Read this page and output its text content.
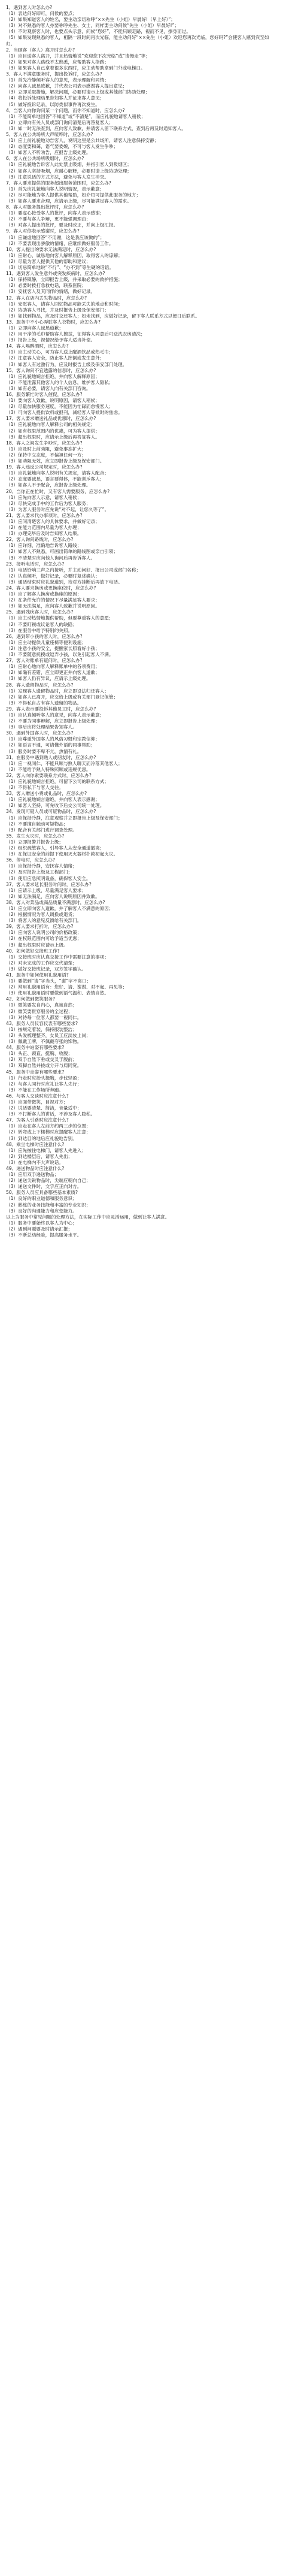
1、遇到客人时怎么办?

（1）表达问好即可，问候的要点；

（2）如果知道客人的姓名，要主动亲切称呼“××先生（小姐）早晨好!（早上好）”；

（3）对不熟悉的客人亦要称呼先生、女士，同样要主动问候“先生（小姐）早晨好!”；

（4）不时观察客人时，也要点头示意，问候“您好”，不能只顾走路，视而不见，擦身而过。

（5）如果发现熟悉的客人，相隔一段时间再次光临，能主动问好“××先生（小姐）欢迎您再次光临，您好吗?”会使客人感到宾至如归。

2、当顾客（客人）离开时怎么办?

（1）应目送客人离开，并且热情地说“欢迎您下次光临”或“请慢走”等；

（2）如果对客人路线不太熟悉，应帮助客人指路；

（3）如果客人自己拿着很多东西时，应主动帮助拿到门外或电梯口。

3、客人不满意服务时，提出投诉时，应怎么办?

（1）首先冷静倾听客人的意见，表示理解和同情；

（2）向客人诚恳致歉，并代表公司表示感谢客人提出意见；

（3）立即采取措施，解决问题，必要时请示上级或其他部门协助处理；

（4）将投诉处理结果告知客人并征求客人意见；

（5）做好投诉记录，以防类似事件再次发生。

4、当客人向你询问某一个问题，而你不知道时，应怎么办?

（1）不能简单地回答“不知道”或“不清楚”，而应礼貌地请客人稍候；

（2）立即向有关人员或部门询问清楚后再答复客人；

（3）如一时无法查到，应向客人致歉，并请客人留下联系方式，查到后再及时通知客人。

5、客人在公共场所大声喧哗时，应怎么办?

（1）应上前礼貌地劝告客人，说明这里是公共场所，请客人注意保持安静；

（2）态度要和蔼，语气要委婉，不可与客人发生争吵；

（3）如客人不听劝告，应报告上级处理。

6、客人在公共场所吸烟时，应怎么办?

（1）应礼貌地告诉客人此处禁止吸烟，并指引客人到吸烟区；

（2）如客人坚持吸烟，应耐心解释，必要时请上级协助处理；

（3）注意说话的方式方法，避免与客人发生冲突。

7、客人要求提供的服务超出服务范围时，应怎么办?

（1）首先应礼貌地向客人说明情况，表示歉意；

（2）尽可能地为客人提供其他帮助，如介绍可提供此服务的地方；

（3）如客人要求合理，应请示上级，尽可能满足客人的需求。

8、客人对服务提出批评时，应怎么办?

（1）要虚心接受客人的批评，向客人表示感谢；

（2）不要与客人争辩，更不能强调理由；

（3）对客人提出的批评，要及时改正，并向上级汇报。

9、客人对你表示感谢时，应怎么办?

（1）应谦虚地回答“不用谢，这是我应该做的”；

（2）不要表现出骄傲的情绪，应继续做好服务工作。

10、客人提出的要求无法满足时，应怎么办?

（1）应耐心、诚恳地向客人解释原因，取得客人的谅解；

（2）尽量为客人提供其他的帮助和建议；

（3）切忌简单地说“不行”、“办不到”等生硬的话语。

11、遇到客人发生意外或突发疾病时，应怎么办?

（1）保持镇静，立即报告上级，并采取必要的救护措施；

（2）必要时拨打急救电话，联系医院；

（3）安抚客人及其同伴的情绪，做好记录。

12、客人在店内丢失物品时，应怎么办?

（1）安慰客人，请客人回忆物品可能丢失的地点和时间；

（2）协助客人寻找，并及时报告上级及保安部门；

（3）如找到物品，应及时交还客人；如未找到，应做好记录，留下客人联系方式以便日后联系。

13、服务中不小心弄脏客人衣物时，应怎么办?

（1）立即向客人诚恳道歉；

（2）用干净的毛巾帮助客人擦拭，征得客人同意后可送洗衣房清洗；

（3）报告上级，视情况给予客人适当补偿。

14、客人喝醉酒时，应怎么办?

（1）应主动关心，可为客人送上醒酒饮品或热毛巾；

（2）注意客人安全，防止客人摔倒或发生意外；

（3）如客人有过激行为，应及时报告上级及保安部门处理。

15、客人询问不宜透露的信息时，应怎么办?

（1）应礼貌地婉言拒绝，并向客人解释原因；

（2）不能泄露其他客人的个人信息，维护客人隐私；

（3）如有必要，请客人向有关部门咨询。

16、服务繁忙时客人催促，应怎么办?

（1）要向客人致歉，说明原因，请客人稍候；

（2）尽量加快服务速度，不能因为忙碌而怠慢客人；

（3）可向客人提供饮料或报刊，减轻客人等候时的焦虑。

17、客人要求赠送礼品或优惠时，应怎么办?

（1）应礼貌地向客人解释公司的相关规定；

（2）如有权限范围内的优惠，可为客人提供；

（3）超出权限时，应请示上级后再答复客人。

18、客人之间发生争吵时，应怎么办?

（1）应及时上前劝阻，避免事态扩大；

（2）保持中立态度，不偏袒任何一方；

（3）如劝阻无效，应立即报告上级及保安部门。

19、客人违反公司规定时，应怎么办?

（1）应礼貌地向客人说明有关规定，请客人配合；

（2）态度要诚恳，语言要得体，不能训斥客人；

（3）如客人不予配合，应报告上级处理。

20、当你正在忙时，又有客人需要服务，应怎么办?

（1）应先向客人示意，请客人稍候；

（2）尽快完成手中的工作后为客人服务；

（3）为客人服务时应先说“对不起，让您久等了”。

21、客人要求代办事项时，应怎么办?

（1）应问清楚客人的具体要求，并做好记录；

（2）在能力范围内尽量为客人办理；

（3）办理完毕后及时告知客人结果。

22、客人询问路线时，应怎么办?

（1）应详细、准确地告诉客人路线；

（2）如客人不熟悉，可画出简单的路线图或亲自引领；

（3）不清楚时应向他人询问后再告诉客人。

23、接听电话时，应怎么办?

（1）电话铃响三声之内接听，并主动问好、报出公司或部门名称；

（2）认真倾听，做好记录，必要时复述确认；

（3）通话结束时应礼貌道别，待对方挂断后再放下电话。

24、客人要求换房或更换座位时，应怎么办?

（1）应了解客人换房或换座的原因；

（2）在条件允许的情况下尽量满足客人要求；

（3）如无法满足，应向客人致歉并说明原因。

25、遇到残疾客人时，应怎么办?

（1）应主动热情地提供帮助，但要尊重客人的意愿；

（2）不要盯视或议论客人的缺陷；

（3）在服务中给予特别的关照。

26、遇到带小孩的客人时，应怎么办?

（1）应主动提供儿童座椅等便利设施；

（2）注意小孩的安全，提醒家长照看好小孩；

（3）不要随意抚摸或逗弄小孩，以免引起客人不满。

27、客人对账单有疑问时，应怎么办?

（1）应耐心地向客人解释账单中的各项费用；

（2）如确有差错，应立即更正并向客人道歉；

（3）如客人仍有异议，应请示上级处理。

28、客人遗留物品时，应怎么办?

（1）发现客人遗留物品时，应立即设法归还客人；

（2）如客人已离开，应交给上级或有关部门登记保管；

（3）不得私自占有客人遗留的物品。

29、客人表示要投诉其他员工时，应怎么办?

（1）应认真倾听客人的意见，向客人表示歉意；

（2）不要为同事辩解，应立即报告上级处理；

（3）事后应将处理结果告知客人。

30、遇到外国客人时，应怎么办?

（1）应尊重外国客人的风俗习惯和宗教信仰；

（2）如语言不通，可请懂外语的同事帮助；

（3）服务时要不卑不亢，热情有礼。

31、在服务中遇到熟人或朋友时，应怎么办?

（1）应一视同仁，不能只顾与熟人聊天而冷落其他客人；

（2）不能给予熟人特殊照顾或违规优惠。

32、客人向你索要联系方式时，应怎么办?

（1）应礼貌地婉言拒绝，可留下公司的联系方式；

（2）不得私下与客人交往。

33、客人赠送小费或礼品时，应怎么办?

（1）应礼貌地婉言谢绝，并向客人表示感谢；

（2）如客人坚持，可先收下后交公司统一处理。

34、发现可疑人员或可疑物品时，应怎么办?

（1）应保持冷静，注意观察并立即报告上级及保安部门；

（2）不要擅自触动可疑物品；

（3）配合有关部门进行调查处理。

35、发生火灾时，应怎么办?

（1）立即报警并报告上级；

（2）组织疏散客人，引导客人从安全通道撤离；

（3）在保证安全的前提下使用灭火器材扑救初起火灾。

36、停电时，应怎么办?

（1）应保持冷静，安抚客人情绪；

（2）及时报告上级及工程部门；

（3）使用应急照明设备，确保客人安全。

37、客人要求延长服务时间时，应怎么办?

（1）应请示上级，尽量满足客人要求；

（2）如无法满足，应向客人说明原因并致歉。

38、客人对菜品或商品质量不满意时，应怎么办?

（1）应立即向客人道歉，并了解客人不满意的原因；

（2）根据情况为客人调换或退货；

（3）将客人的意见反馈给有关部门。

39、客人要求打折时，应怎么办?

（1）应向客人说明公司的价格政策；

（2）在权限范围内可给予适当优惠；

（3）超出权限时应请示上级。

40、如何做好交接班工作?

（1）交接班时应认真交接工作中需要注意的事项；

（2）对未完成的工作应交代清楚；

（3）做好交接班记录，双方签字确认。

41、服务中如何使用礼貌用语?

（1）要做到“请”字当头，“谢”字不离口；

（2）常用礼貌用语有：您好、请、谢谢、对不起、再见等；

（3）使用礼貌用语时要做到语气温和、表情自然。

42、如何做到微笑服务?

（1）微笑要发自内心，真诚自然；

（2）微笑要贯穿服务的全过程；

（3）对待每一位客人都要一视同仁。

43、服务人员仪容仪表有哪些要求?

（1）按规定着装，保持服装整洁；

（2）头发梳理整齐，女员工应淡妆上岗；

（3）佩戴工牌，不佩戴夸张的饰物。

44、服务中站姿有哪些要求?

（1）头正、颈直、挺胸、收腹；

（2）双手自然下垂或交叉于腹前；

（3）双脚自然并拢或分开与肩同宽。

45、服务中走姿有哪些要求?

（1）行走时应抬头挺胸，步伐轻盈；

（2）与客人同行时应礼让客人先行；

（3）不能在工作场所奔跑。

46、与客人交谈时应注意什么?

（1）应面带微笑，目视对方；

（2）说话要清楚、简洁，音量适中；

（3）不打断客人的讲话，不涉及客人隐私。

47、为客人引路时应注意什么?

（1）应走在客人左前方约两三步的位置；

（2）转弯或上下楼梯时应提醒客人注意；

（3）到达目的地后应礼貌地告别。

48、乘坐电梯时应注意什么?

（1）应先按住电梯门，请客人先进入；

（2）到达楼层后，请客人先出；

（3）在电梯内不大声说话。

49、递送物品时应注意什么?

（1）应用双手递送物品；

（2）递送尖锐物品时，尖端应朝向自己；

（3）递送文件时，文字应正向对方。

50、服务人员应具备哪些基本素质?

（1）良好的职业道德和服务意识；

（2）熟练的业务技能和丰富的专业知识；

（3）良好的沟通能力和应变能力。

以上为服务中常见问题的处理方法，在实际工作中应灵活运用，做到让客人满意。

（1）服务中要始终以客人为中心；

（2）遇到问题要及时请示汇报；

（3）不断总结经验，提高服务水平。
